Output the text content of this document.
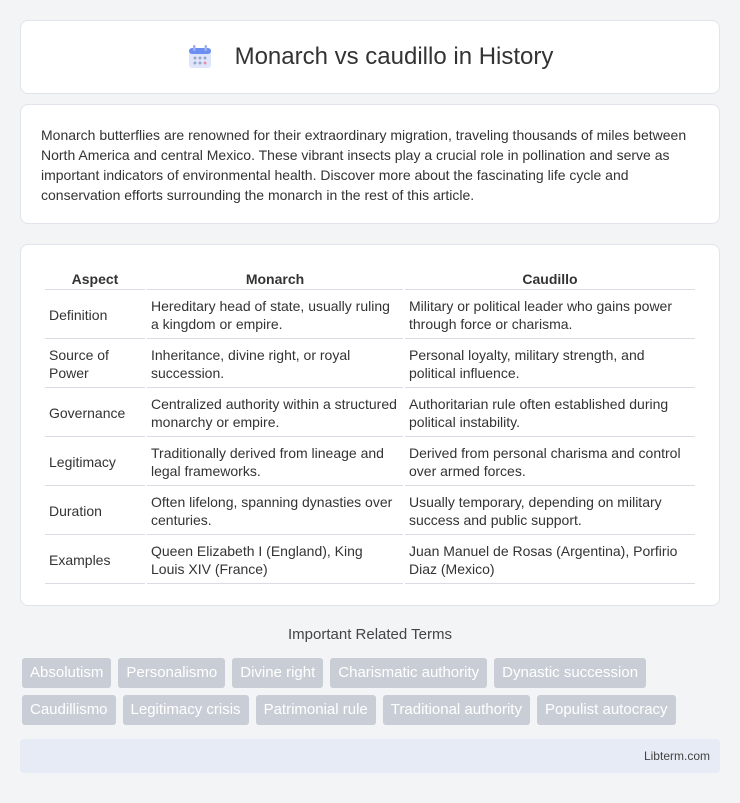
Monarch vs caudillo in History

Monarch butterflies are renowned for their extraordinary migration, traveling thousands of miles between North America and central Mexico. These vibrant insects play a crucial role in pollination and serve as important indicators of environmental health. Discover more about the fascinating life cycle and conservation efforts surrounding the monarch in the rest of this article.

Aspect	Monarch	Caudillo
Definition	Hereditary head of state, usually ruling a kingdom or empire.	Military or political leader who gains power through force or charisma.
Source of Power	Inheritance, divine right, or royal succession.	Personal loyalty, military strength, and political influence.
Governance	Centralized authority within a structured monarchy or empire.	Authoritarian rule often established during political instability.
Legitimacy	Traditionally derived from lineage and legal frameworks.	Derived from personal charisma and control over armed forces.
Duration	Often lifelong, spanning dynasties over centuries.	Usually temporary, depending on military success and public support.
Examples	Queen Elizabeth I (England), King Louis XIV (France)	Juan Manuel de Rosas (Argentina), Porfirio Diaz (Mexico)
Important Related Terms
Absolutism	Personalismo	Divine right	Charismatic authority	Dynastic succession
Caudillismo	Legitimacy crisis	Patrimonial rule	Traditional authority	Populist autocracy
Libterm.com
